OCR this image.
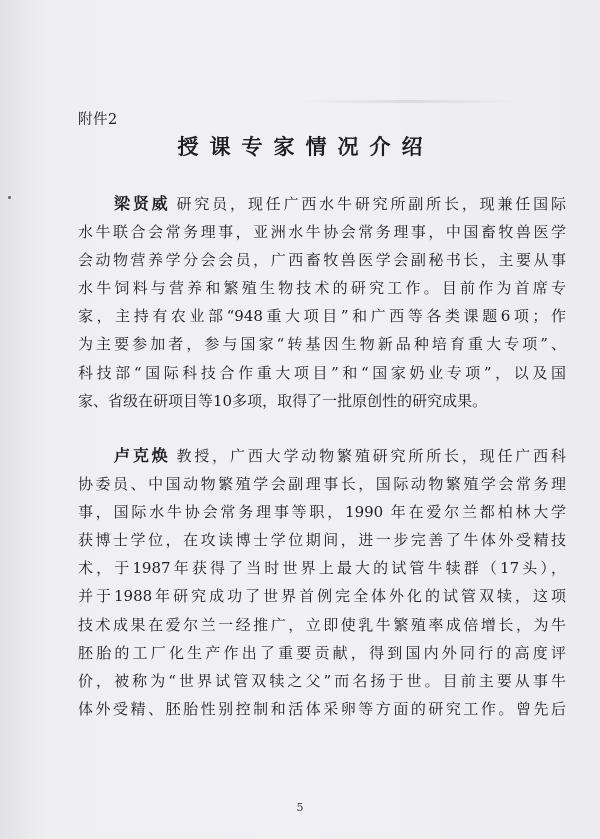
附件2
授课专家情况介绍
梁贤威 研究员，现任广西水牛研究所副所长，现兼任国际
水牛联合会常务理事，亚洲水牛协会常务理事，中国畜牧兽医学
会动物营养学分会会员，广西畜牧兽医学会副秘书长，主要从事
水牛饲料与营养和繁殖生物技术的研究工作。目前作为首席专
家，主持有农业部“948重大项目”和广西等各类课题6项；作
为主要参加者，参与国家“转基因生物新品种培育重大专项”、
科技部“国际科技合作重大项目”和“国家奶业专项”，以及国
家、省级在研项目等10多项，取得了一批原创性的研究成果。
卢克焕 教授，广西大学动物繁殖研究所所长，现任广西科
协委员、中国动物繁殖学会副理事长，国际动物繁殖学会常务理
事，国际水牛协会常务理事等职，1990 年在爱尔兰都柏林大学
获博士学位，在攻读博士学位期间，进一步完善了牛体外受精技
术，于1987年获得了当时世界上最大的试管牛犊群（17头），
并于1988年研究成功了世界首例完全体外化的试管双犊，这项
技术成果在爱尔兰一经推广，立即使乳牛繁殖率成倍增长，为牛
胚胎的工厂化生产作出了重要贡献，得到国内外同行的高度评
价，被称为“世界试管双犊之父”而名扬于世。目前主要从事牛
体外受精、胚胎性别控制和活体采卵等方面的研究工作。曾先后
5
